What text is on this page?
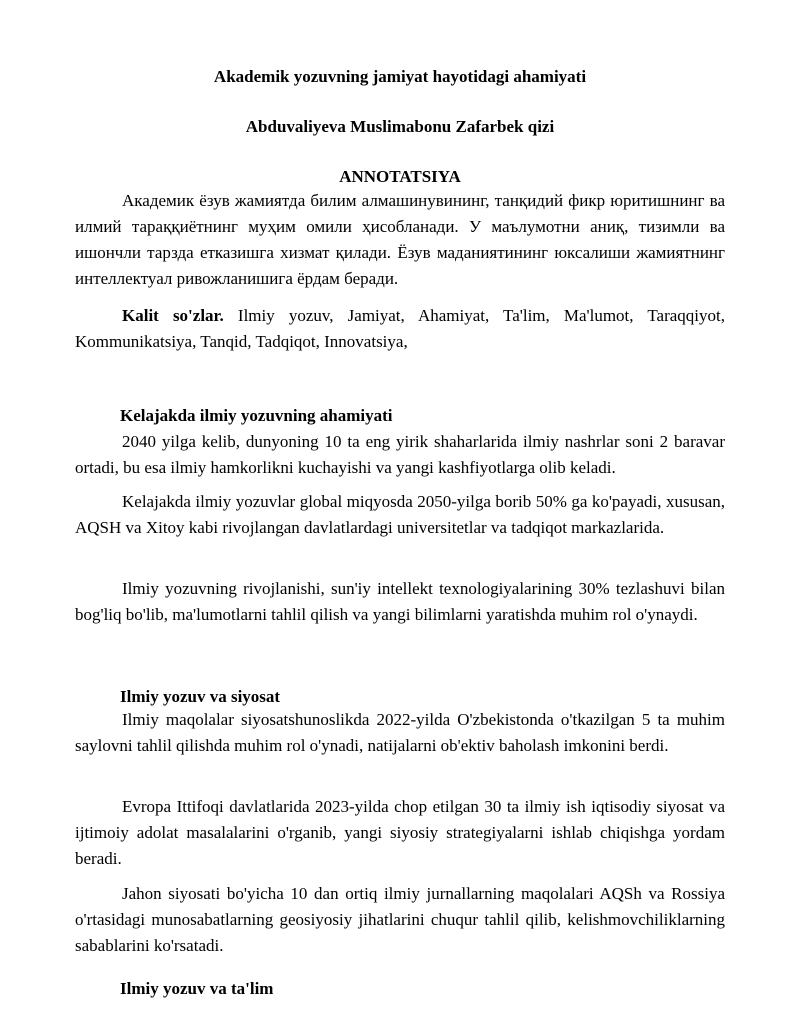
Akademik yozuvning jamiyat hayotidagi ahamiyati
Abduvaliyeva Muslimabonu Zafarbek qizi
ANNOTATSIYA

Академик ёзув жамиятда билим алмашинувининг, танқидий фикр юритишнинг ва илмий тараққиётнинг муҳим омили ҳисобланади. У маълумотни аниқ, тизимли ва ишончли тарзда етказишга хизмат қилади. Ёзув маданиятининг юксалиши жамиятнинг интеллектуал ривожланишига ёрдам беради.

Kalit so'zlar. Ilmiy yozuv, Jamiyat, Ahamiyat, Ta'lim, Ma'lumot, Taraqqiyot, Kommunikatsiya, Tanqid, Tadqiqot, Innovatsiya,

Kelajakda ilmiy yozuvning ahamiyati

2040 yilga kelib, dunyoning 10 ta eng yirik shaharlarida ilmiy nashrlar soni 2 baravar ortadi, bu esa ilmiy hamkorlikni kuchayishi va yangi kashfiyotlarga olib keladi.

Kelajakda ilmiy yozuvlar global miqyosda 2050-yilga borib 50% ga ko'payadi, xususan, AQSH va Xitoy kabi rivojlangan davlatlardagi universitetlar va tadqiqot markazlarida.

Ilmiy yozuvning rivojlanishi, sun'iy intellekt texnologiyalarining 30% tezlashuvi bilan bog'liq bo'lib, ma'lumotlarni tahlil qilish va yangi bilimlarni yaratishda muhim rol o'ynaydi.

Ilmiy yozuv va siyosat

Ilmiy maqolalar siyosatshunoslikda 2022-yilda O'zbekistonda o'tkazilgan 5 ta muhim saylovni tahlil qilishda muhim rol o'ynadi, natijalarni ob'ektiv baholash imkonini berdi.

Evropa Ittifoqi davlatlarida 2023-yilda chop etilgan 30 ta ilmiy ish iqtisodiy siyosat va ijtimoiy adolat masalalarini o'rganib, yangi siyosiy strategiyalarni ishlab chiqishga yordam beradi.

Jahon siyosati bo'yicha 10 dan ortiq ilmiy jurnallarning maqolalari AQSh va Rossiya o'rtasidagi munosabatlarning geosiyosiy jihatlarini chuqur tahlil qilib, kelishmovchiliklarning sabablarini ko'rsatadi.

Ilmiy yozuv va ta'lim
